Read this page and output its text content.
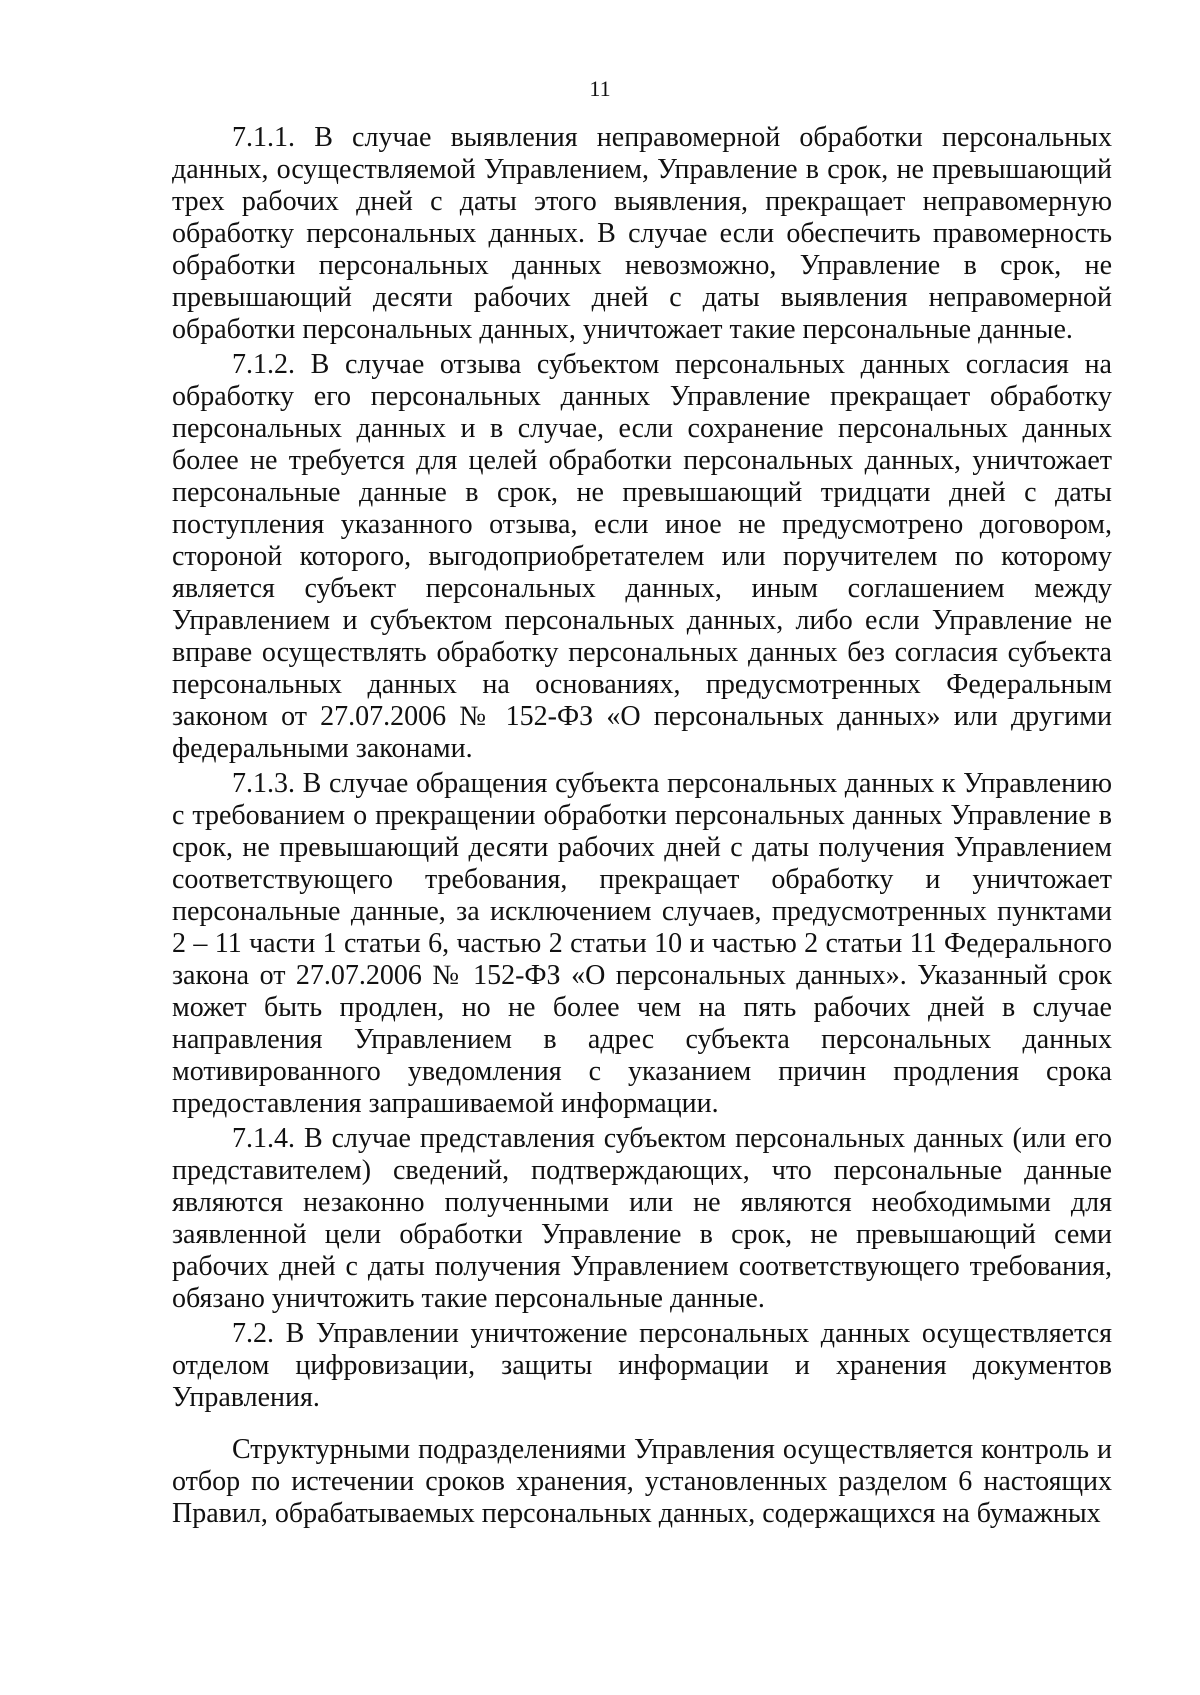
11

7.1.1. В случае выявления неправомерной обработки персональных данных, осуществляемой Управлением, Управление в срок, не превышающий трех рабочих дней с даты этого выявления, прекращает неправомерную обработку персональных данных. В случае если обеспечить правомерность обработки персональных данных невозможно, Управление в срок, не превышающий десяти рабочих дней с даты выявления неправомерной обработки персональных данных, уничтожает такие персональные данные.

7.1.2. В случае отзыва субъектом персональных данных согласия на обработку его персональных данных Управление прекращает обработку персональных данных и в случае, если сохранение персональных данных более не требуется для целей обработки персональных данных, уничтожает персональные данные в срок, не превышающий тридцати дней с даты поступления указанного отзыва, если иное не предусмотрено договором, стороной которого, выгодоприобретателем или поручителем по которому является субъект персональных данных, иным соглашением между Управлением и субъектом персональных данных, либо если Управление не вправе осуществлять обработку персональных данных без согласия субъекта персональных данных на основаниях, предусмотренных Федеральным законом от 27.07.2006 № 152-ФЗ «О персональных данных» или другими федеральными законами.

7.1.3. В случае обращения субъекта персональных данных к Управлению с требованием о прекращении обработки персональных данных Управление в срок, не превышающий десяти рабочих дней с даты получения Управлением соответствующего требования, прекращает обработку и уничтожает персональные данные, за исключением случаев, предусмотренных пунктами 2 – 11 части 1 статьи 6, частью 2 статьи 10 и частью 2 статьи 11 Федерального закона от 27.07.2006 № 152-ФЗ «О персональных данных». Указанный срок может быть продлен, но не более чем на пять рабочих дней в случае направления Управлением в адрес субъекта персональных данных мотивированного уведомления с указанием причин продления срока предоставления запрашиваемой информации.

7.1.4. В случае представления субъектом персональных данных (или его представителем) сведений, подтверждающих, что персональные данные являются незаконно полученными или не являются необходимыми для заявленной цели обработки Управление в срок, не превышающий семи рабочих дней с даты получения Управлением соответствующего требования, обязано уничтожить такие персональные данные.

7.2. В Управлении уничтожение персональных данных осуществляется отделом цифровизации, защиты информации и хранения документов Управления.

Структурными подразделениями Управления осуществляется контроль и отбор по истечении сроков хранения, установленных разделом 6 настоящих Правил, обрабатываемых персональных данных, содержащихся на бумажных
